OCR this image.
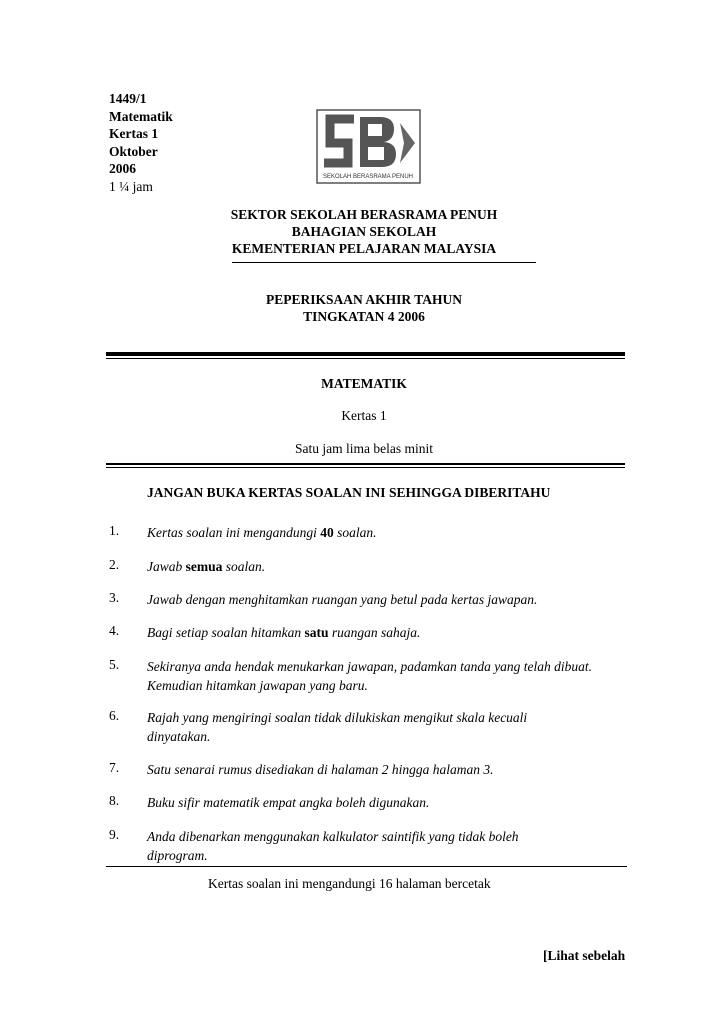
1449/1
Matematik
Kertas 1
Oktober
2006
1 ¼ jam
SEKOLAH BERASRAMA PENUH
SEKTOR SEKOLAH BERASRAMA PENUH
BAHAGIAN SEKOLAH
KEMENTERIAN PELAJARAN MALAYSIA
PEPERIKSAAN AKHIR TAHUN
TINGKATAN 4 2006
MATEMATIK
Kertas 1
Satu jam lima belas minit
JANGAN BUKA KERTAS SOALAN INI SEHINGGA DIBERITAHU
1. Kertas soalan ini mengandungi 40 soalan.
2. Jawab semua soalan.
3. Jawab dengan menghitamkan ruangan yang betul pada kertas jawapan.
4. Bagi setiap soalan hitamkan satu ruangan sahaja.
5. Sekiranya anda hendak menukarkan jawapan, padamkan tanda yang telah dibuat. Kemudian hitamkan jawapan yang baru.
6. Rajah yang mengiringi soalan tidak dilukiskan mengikut skala kecuali dinyatakan.
7. Satu senarai rumus disediakan di halaman 2 hingga halaman 3.
8. Buku sifir matematik empat angka boleh digunakan.
9. Anda dibenarkan menggunakan kalkulator saintifik yang tidak boleh diprogram.
Kertas soalan ini mengandungi 16 halaman bercetak
[Lihat sebelah
